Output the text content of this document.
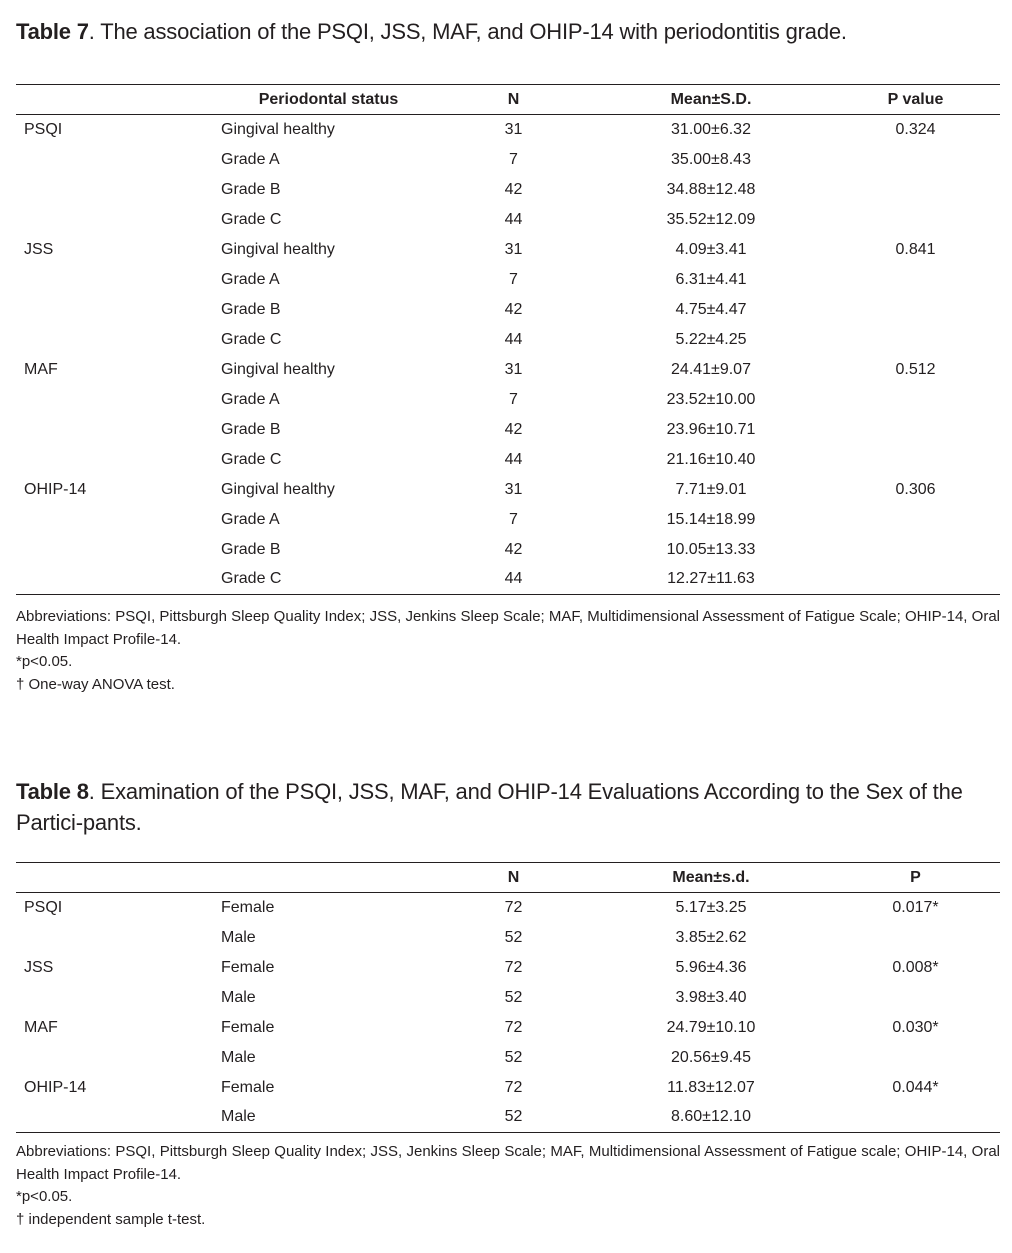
Table 7. The association of the PSQI, JSS, MAF, and OHIP-14 with periodontitis grade.

	Periodontal status	N	Mean±S.D.	P value
PSQI	Gingival healthy	31	31.00±6.32	0.324
	Grade A	7	35.00±8.43	
	Grade B	42	34.88±12.48	
	Grade C	44	35.52±12.09	
JSS	Gingival healthy	31	4.09±3.41	0.841
	Grade A	7	6.31±4.41	
	Grade B	42	4.75±4.47	
	Grade C	44	5.22±4.25	
MAF	Gingival healthy	31	24.41±9.07	0.512
	Grade A	7	23.52±10.00	
	Grade B	42	23.96±10.71	
	Grade C	44	21.16±10.40	
OHIP-14	Gingival healthy	31	7.71±9.01	0.306
	Grade A	7	15.14±18.99	
	Grade B	42	10.05±13.33	
	Grade C	44	12.27±11.63	

Abbreviations: PSQI, Pittsburgh Sleep Quality Index; JSS, Jenkins Sleep Scale; MAF, Multidimensional Assessment of Fatigue Scale; OHIP-14, Oral Health Impact Profile-14.

*p<0.05.

† One-way ANOVA test.

Table 8. Examination of the PSQI, JSS, MAF, and OHIP-14 Evaluations According to the Sex of the Partici-pants.

		N	Mean±s.d.	P
PSQI	Female	72	5.17±3.25	0.017*
	Male	52	3.85±2.62	
JSS	Female	72	5.96±4.36	0.008*
	Male	52	3.98±3.40	
MAF	Female	72	24.79±10.10	0.030*
	Male	52	20.56±9.45	
OHIP-14	Female	72	11.83±12.07	0.044*
	Male	52	8.60±12.10	

Abbreviations: PSQI, Pittsburgh Sleep Quality Index; JSS, Jenkins Sleep Scale; MAF, Multidimensional Assessment of Fatigue scale; OHIP-14, Oral Health Impact Profile-14.

*p<0.05.

† independent sample t-test.
